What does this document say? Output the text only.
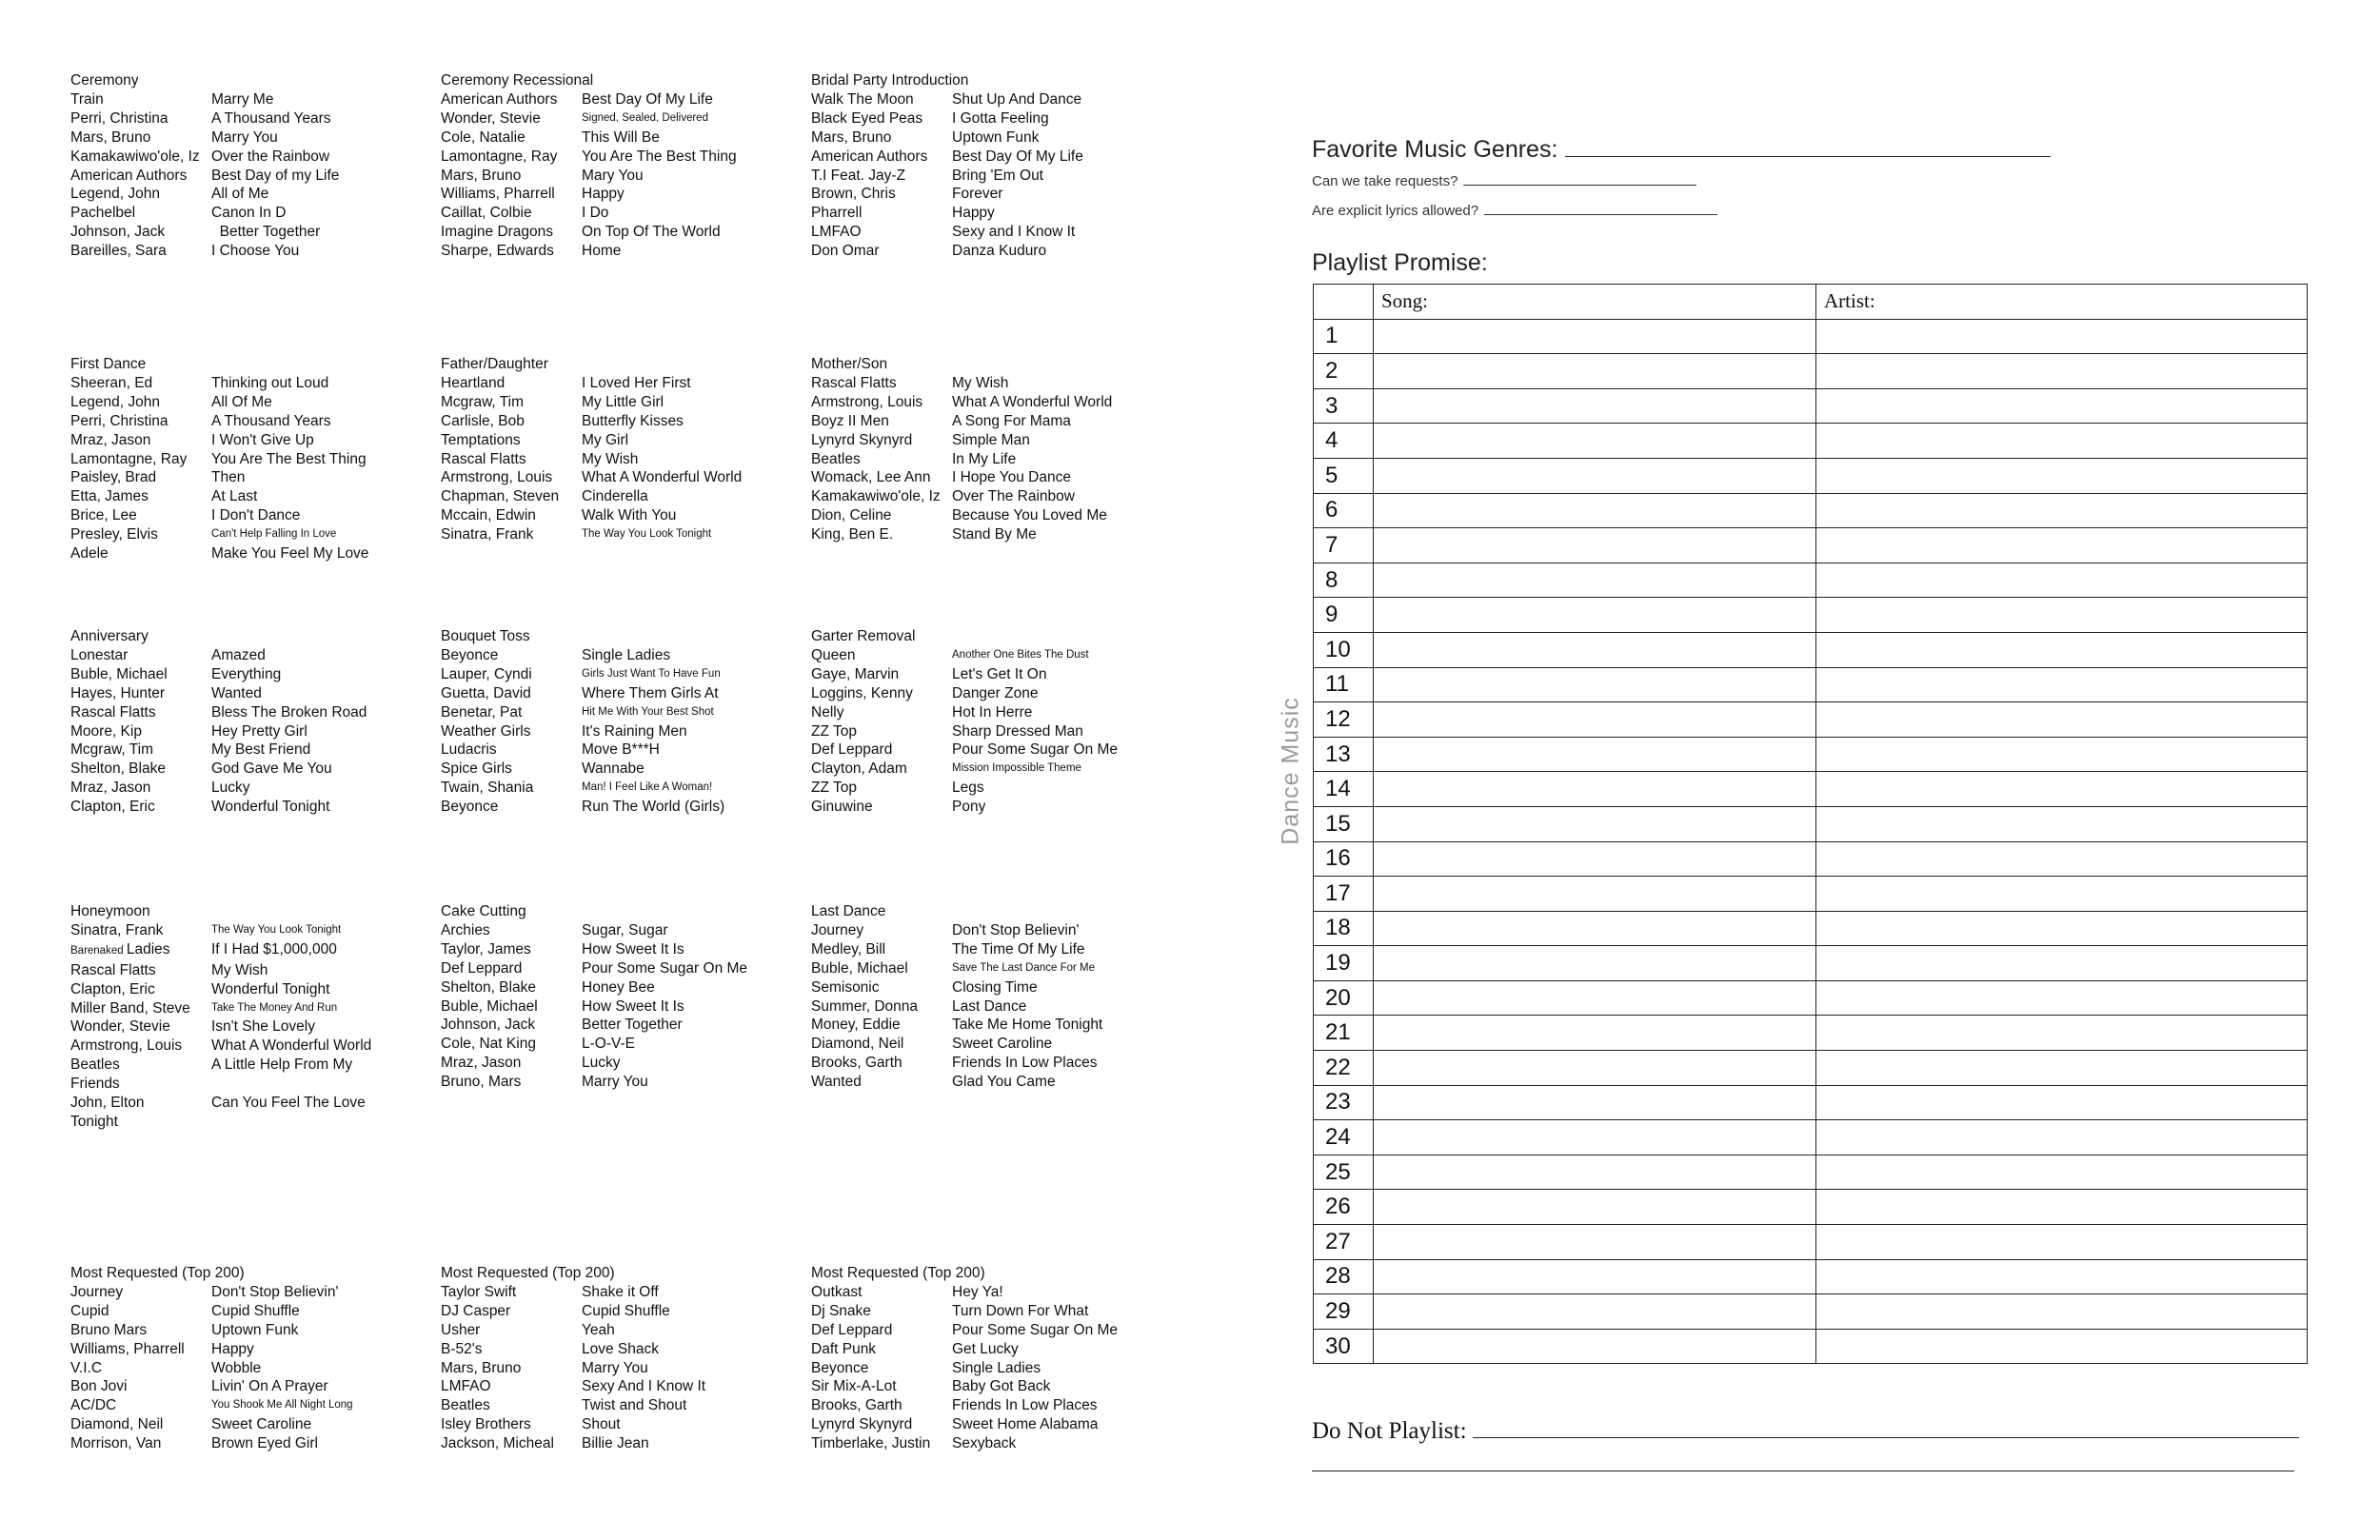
Ceremony
Train	Marry Me
Perri, Christina	A Thousand Years
Mars, Bruno	Marry You
Kamakawiwo'ole, Iz Over the Rainbow
American Authors	Best Day of my Life
Legend, John	All of Me
Pachelbel	Canon In D
Johnson, Jack	Better Together
Bareilles, Sara	I Choose You
Ceremony Recessional
American Authors	Best Day Of My Life
Wonder, Stevie	Signed, Sealed, Delivered
Cole, Natalie	This Will Be
Lamontagne, Ray	You Are The Best Thing
Mars, Bruno	Mary You
Williams, Pharrell	Happy
Caillat, Colbie	I Do
Imagine Dragons	On Top Of The World
Sharpe, Edwards	Home
Bridal Party Introduction
Walk The Moon	Shut Up And Dance
Black Eyed Peas	I Gotta Feeling
Mars, Bruno	Uptown Funk
American Authors	Best Day Of My Life
T.I Feat. Jay-Z	Bring 'Em Out
Brown, Chris	Forever
Pharrell	Happy
LMFAO	Sexy and I Know It
Don Omar	Danza Kuduro
First Dance
Sheeran, Ed	Thinking out Loud
Legend, John	All Of Me
Perri, Christina	A Thousand Years
Mraz, Jason	I Won't Give Up
Lamontagne, Ray	You Are The Best Thing
Paisley, Brad	Then
Etta, James	At Last
Brice, Lee	I Don't Dance
Presley, Elvis	Can't Help Falling In Love
Adele	Make You Feel My Love
Father/Daughter
Heartland	I Loved Her First
Mcgraw, Tim	My Little Girl
Carlisle, Bob	Butterfly Kisses
Temptations	My Girl
Rascal Flatts	My Wish
Armstrong, Louis	What A Wonderful World
Chapman, Steven	Cinderella
Mccain, Edwin	Walk With You
Sinatra, Frank	The Way You Look Tonight
Mother/Son
Rascal Flatts	My Wish
Armstrong, Louis	What A Wonderful World
Boyz II Men	A Song For Mama
Lynyrd Skynyrd	Simple Man
Beatles	In My Life
Womack, Lee Ann	I Hope You Dance
Kamakawiwo'ole, Iz Over The Rainbow
Dion, Celine	Because You Loved Me
King, Ben E.	Stand By Me
Anniversary
Lonestar	Amazed
Buble, Michael	Everything
Hayes, Hunter	Wanted
Rascal Flatts	Bless The Broken Road
Moore, Kip	Hey Pretty Girl
Mcgraw, Tim	My Best Friend
Shelton, Blake	God Gave Me You
Mraz, Jason	Lucky
Clapton, Eric	Wonderful Tonight
Bouquet Toss
Beyonce	Single Ladies
Lauper, Cyndi	Girls Just Want To Have Fun
Guetta, David	Where Them Girls At
Benetar, Pat	Hit Me With Your Best Shot
Weather Girls	It's Raining Men
Ludacris	Move B***H
Spice Girls	Wannabe
Twain, Shania	Man! I Feel Like A Woman!
Beyonce	Run The World (Girls)
Garter Removal
Queen	Another One Bites The Dust
Gaye, Marvin	Let's Get It On
Loggins, Kenny	Danger Zone
Nelly	Hot In Herre
ZZ Top	Sharp Dressed Man
Def Leppard	Pour Some Sugar On Me
Clayton, Adam	Mission Impossible Theme
ZZ Top	Legs
Ginuwine	Pony
Honeymoon
Sinatra, Frank	The Way You Look Tonight
Barenaked Ladies	If I Had $1,000,000
Rascal Flatts	My Wish
Clapton, Eric	Wonderful Tonight
Miller Band, Steve	Take The Money And Run
Wonder, Stevie	Isn't She Lovely
Armstrong, Louis	What A Wonderful World
Beatles	A Little Help From My
Friends
John, Elton	Can You Feel The Love
Tonight
Cake Cutting
Archies	Sugar, Sugar
Taylor, James	How Sweet It Is
Def Leppard	Pour Some Sugar On Me
Shelton, Blake	Honey Bee
Buble, Michael	How Sweet It Is
Johnson, Jack	Better Together
Cole, Nat King	L-O-V-E
Mraz, Jason	Lucky
Bruno, Mars	Marry You
Last Dance
Journey	Don't Stop Believin'
Medley, Bill	The Time Of My Life
Buble, Michael	Save The Last Dance For Me
Semisonic	Closing Time
Summer, Donna	Last Dance
Money, Eddie	Take Me Home Tonight
Diamond, Neil	Sweet Caroline
Brooks, Garth	Friends In Low Places
Wanted	Glad You Came
Most Requested (Top 200)
Journey	Don't Stop Believin'
Cupid	Cupid Shuffle
Bruno Mars	Uptown Funk
Williams, Pharrell	Happy
V.I.C	Wobble
Bon Jovi	Livin' On A Prayer
AC/DC	You Shook Me All Night Long
Diamond, Neil	Sweet Caroline
Morrison, Van	Brown Eyed Girl
Most Requested (Top 200)
Taylor Swift	Shake it Off
DJ Casper	Cupid Shuffle
Usher	Yeah
B-52's	Love Shack
Mars, Bruno	Marry You
LMFAO	Sexy And I Know It
Beatles	Twist and Shout
Isley Brothers	Shout
Jackson, Micheal	Billie Jean
Most Requested (Top 200)
Outkast	Hey Ya!
Dj Snake	Turn Down For What
Def Leppard	Pour Some Sugar On Me
Daft Punk	Get Lucky
Beyonce	Single Ladies
Sir Mix-A-Lot	Baby Got Back
Brooks, Garth	Friends In Low Places
Lynyrd Skynyrd	Sweet Home Alabama
Timberlake, Justin	Sexyback
Dance Music
Favorite Music Genres:
Can we take requests?
Are explicit lyrics allowed?
Playlist Promise:
	Song:	Artist:
1		
2		
3		
4		
5		
6		
7		
8		
9		
10		
11		
12		
13		
14		
15		
16		
17		
18		
19		
20		
21		
22		
23		
24		
25		
26		
27		
28		
29		
30		
Do Not Playlist:
